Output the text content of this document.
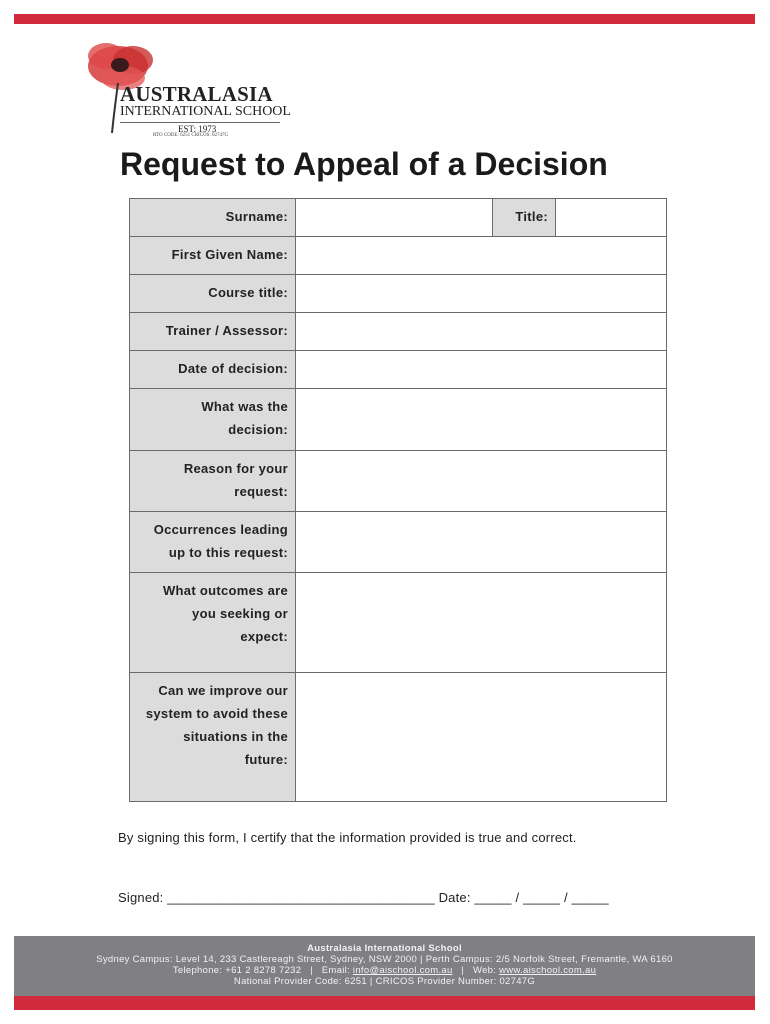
AUSTRALASIA
INTERNATIONAL SCHOOL
EST: 1973
RTO CODE: 6251 CRICOS: 02747G
Request to Appeal of a Decision
Surname:		Title:	

First Given Name:			

Course title:			

Trainer / Assessor:			

Date of decision:			

What was the
decision:			

Reason for your
request:			

Occurrences leading
up to this request:			

What outcomes are
you seeking or
expect:			

Can we improve our
system to avoid these
situations in the
future:			

By signing this form, I certify that the information provided is true and correct.
Signed: ____________________________________ Date: _____ / _____ / _____
Australasia International School
Sydney Campus: Level 14, 233 Castlereagh Street, Sydney, NSW 2000 | Perth Campus: 2/5 Norfolk Street, Fremantle, WA 6160
Telephone: +61 2 8278 7232   |   Email: info@aischool.com.au   |   Web: www.aischool.com.au
National Provider Code: 6251 | CRICOS Provider Number: 02747G
